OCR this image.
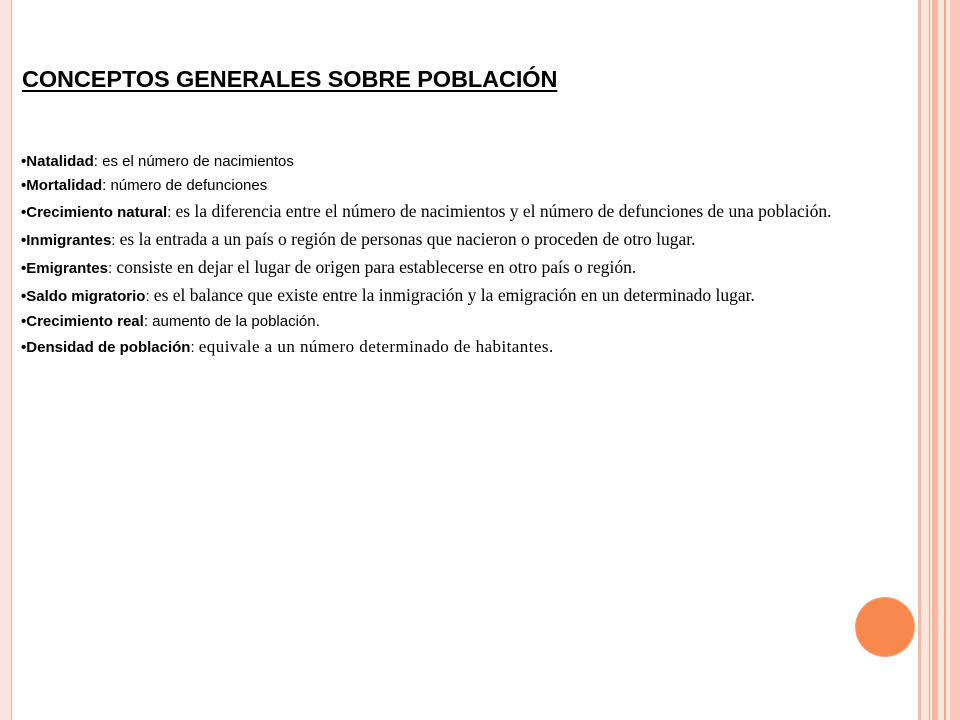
CONCEPTOS GENERALES SOBRE POBLACIÓN
•Natalidad: es el número de nacimientos
•Mortalidad: número de defunciones
•Crecimiento natural: es la diferencia entre el número de nacimientos y el número de defunciones de una población.
•Inmigrantes: es la entrada a un país o región de personas que nacieron o proceden de otro lugar.
•Emigrantes: consiste en dejar el lugar de origen para establecerse en otro país o región.
•Saldo migratorio: es el balance que existe entre la inmigración y la emigración en un determinado lugar.
•Crecimiento real: aumento de la población.
•Densidad de población: equivale a un número determinado de habitantes.
